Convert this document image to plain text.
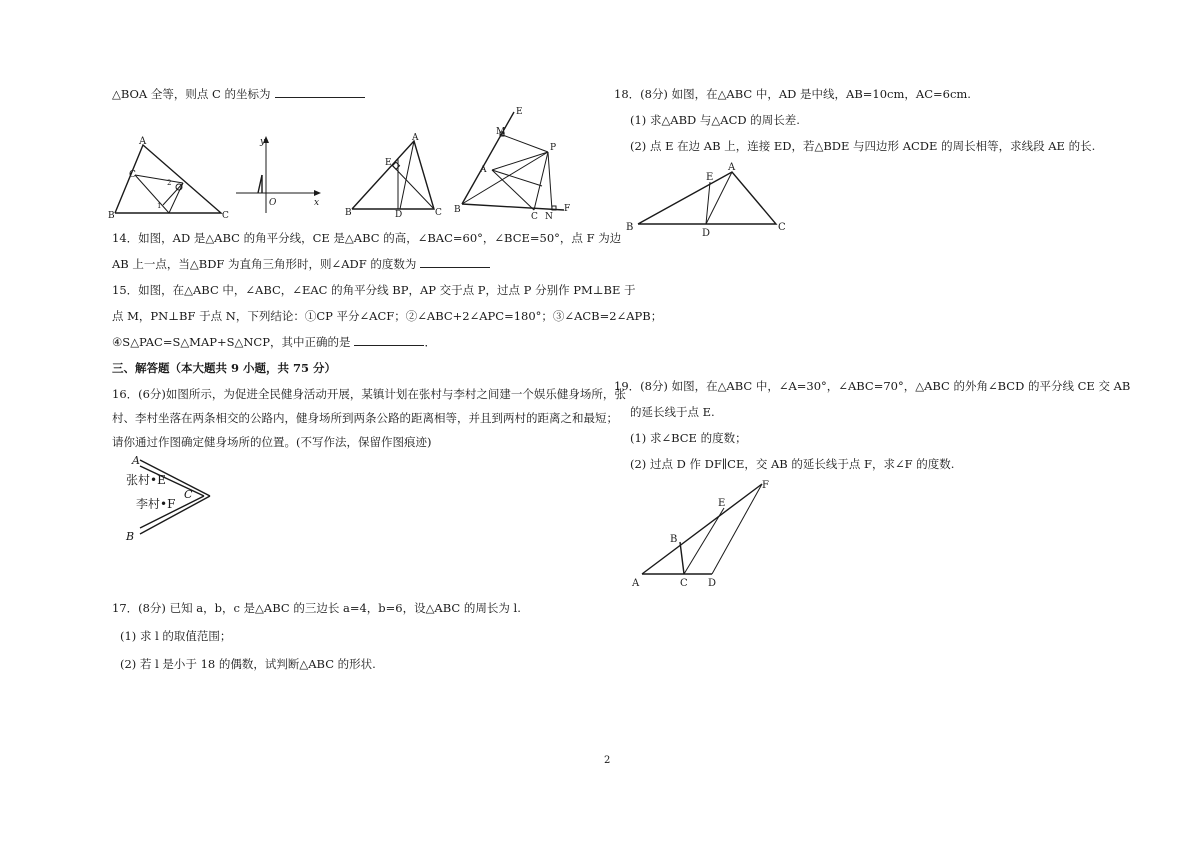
△BOA 全等，则点 C 的坐标为
14．如图，AD 是△ABC 的角平分线，CE 是△ABC 的高，∠BAC=60°，∠BCE=50°，点 F 为边
AB 上一点，当△BDF 为直角三角形时，则∠ADF 的度数为
15．如图，在△ABC 中，∠ABC，∠EAC 的角平分线 BP，AP 交于点 P，过点 P 分别作 PM⊥BE 于
点 M，PN⊥BF 于点 N，下列结论：①CP 平分∠ACF；②∠ABC+2∠APC=180°；③∠ACB=2∠APB；
④S△PAC=S△MAP+S△NCP，其中正确的是	．
三、解答题（本大题共 9 小题，共 75 分）
16．(6分)如图所示，为促进全民健身活动开展，某镇计划在张村与李村之间建一个娱乐健身场所，张
村、李村坐落在两条相交的公路内，健身场所到两条公路的距离相等，并且到两村的距离之和最短；
请你通过作图确定健身场所的位置。(不写作法，保留作图痕迹)
17．(8分) 已知 a，b，c 是△ABC 的三边长 a=4，b=6，设△ABC 的周长为 l.
(1) 求 l 的取值范围；
(2) 若 l 是小于 18 的偶数，试判断△ABC 的形状.
18．(8分) 如图，在△ABC 中，AD 是中线，AB=10cm，AC=6cm.
(1) 求△ABD 与△ACD 的周长差.
(2) 点 E 在边 AB 上，连接 ED，若△BDE 与四边形 ACDE 的周长相等，求线段 AE 的长.
19．(8分) 如图，在△ABC 中，∠A=30°，∠ABC=70°，△ABC 的外角∠BCD 的平分线 CE 交 AB
的延长线于点 E.
(1) 求∠BCE 的度数；
(2) 过点 D 作 DF∥CE，交 AB 的延长线于点 F，求∠F 的度数.
A
C
B	C
1
2
y
x
O
A
E
B	D	C
E
M
P
A
B
C N
F
A
B
C
张村•E
李村•F
A
E
B
D
C
F
E
B
A	C D
2
